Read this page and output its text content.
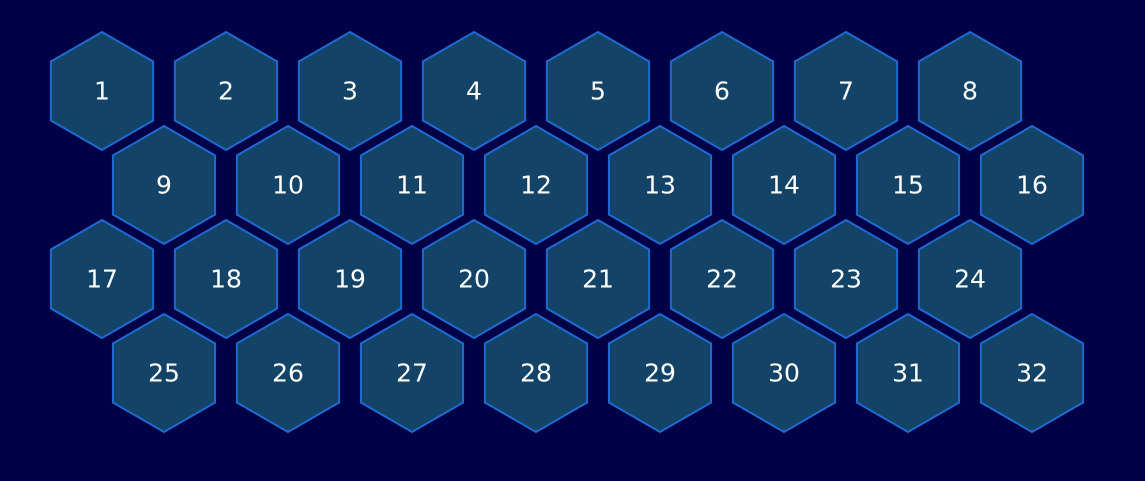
1	2	3	4	5	6	7	8
9	10	11	12	13	14	15	16
17	18	19	20	21	22	23	24
25	26	27	28	29	30	31	32
